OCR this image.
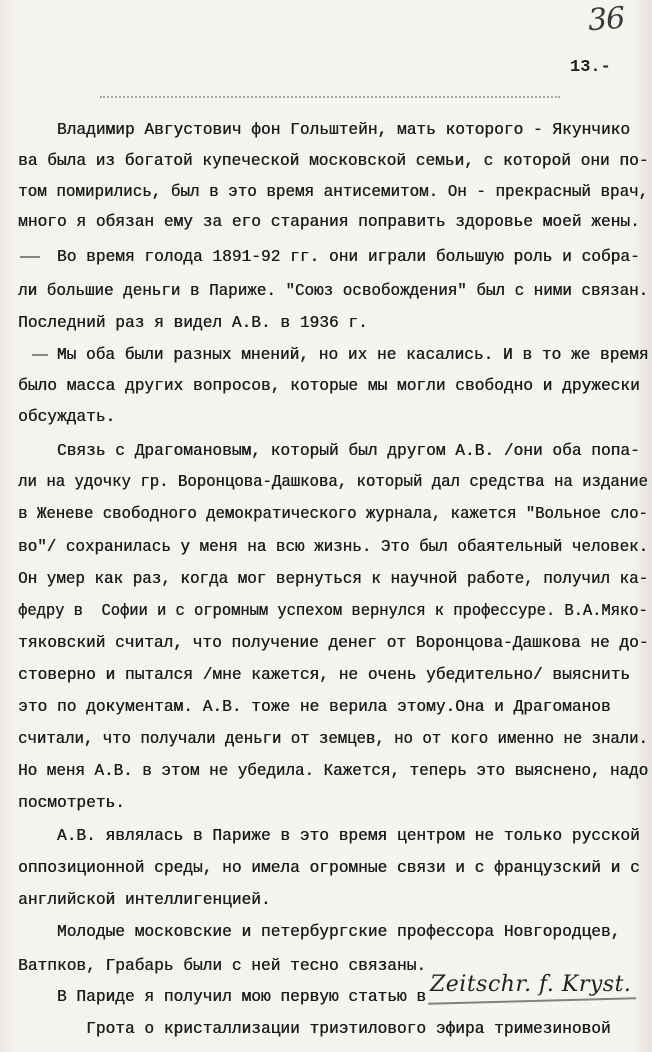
36
13.-
Владимир Августович фон Гольштейн, мать которого - Якунчико
ва была из богатой купеческой московской семьи, с которой они по-
том помирились, был в это время антисемитом. Он - прекрасный врач,
много я обязан ему за его старания поправить здоровье моей жены.
Во время голода 1891-92 гг. они играли большую роль и собра-
ли большие деньги в Париже. "Союз освобождения" был с ними связан.
Последний раз я видел А.В. в 1936 г.
Мы оба были разных мнений, но их не касались. И в то же время
было масса других вопросов, которые мы могли свободно и дружески
обсуждать.
Связь с Драгомановым, который был другом А.В. /они оба попа-
ли на удочку гр. Воронцова-Дашкова, который дал средства на издание
в Женеве свободного демократического журнала, кажется "Вольное сло-
во"/ сохранилась у меня на всю жизнь. Это был обаятельный человек.
Он умер как раз, когда мог вернуться к научной работе, получил ка-
федру в  Софии и с огромным успехом вернулся к профессуре. В.А.Мяко-
тяковский считал, что получение денег от Воронцова-Дашкова не до-
стоверно и пытался /мне кажется, не очень убедительно/ выяснить
это по документам. А.В. тоже не верила этому.Она и Драгоманов
считали, что получали деньги от земцев, но от кого именно не знали.
Но меня А.В. в этом не убедила. Кажется, теперь это выяснено, надо
посмотреть.
А.В. являлась в Париже в это время центром не только русской
оппозиционной среды, но имела огромные связи и с французский и с
английской интеллигенцией.
Молодые московские и петербургские профессора Новгородцев,
Ватпков, Грабарь были с ней тесно связаны.
В Париде я получил мою первую статью в Zeitschr. f. Kryst.
Грота о кристаллизации триэтилового эфира тримезиновой
